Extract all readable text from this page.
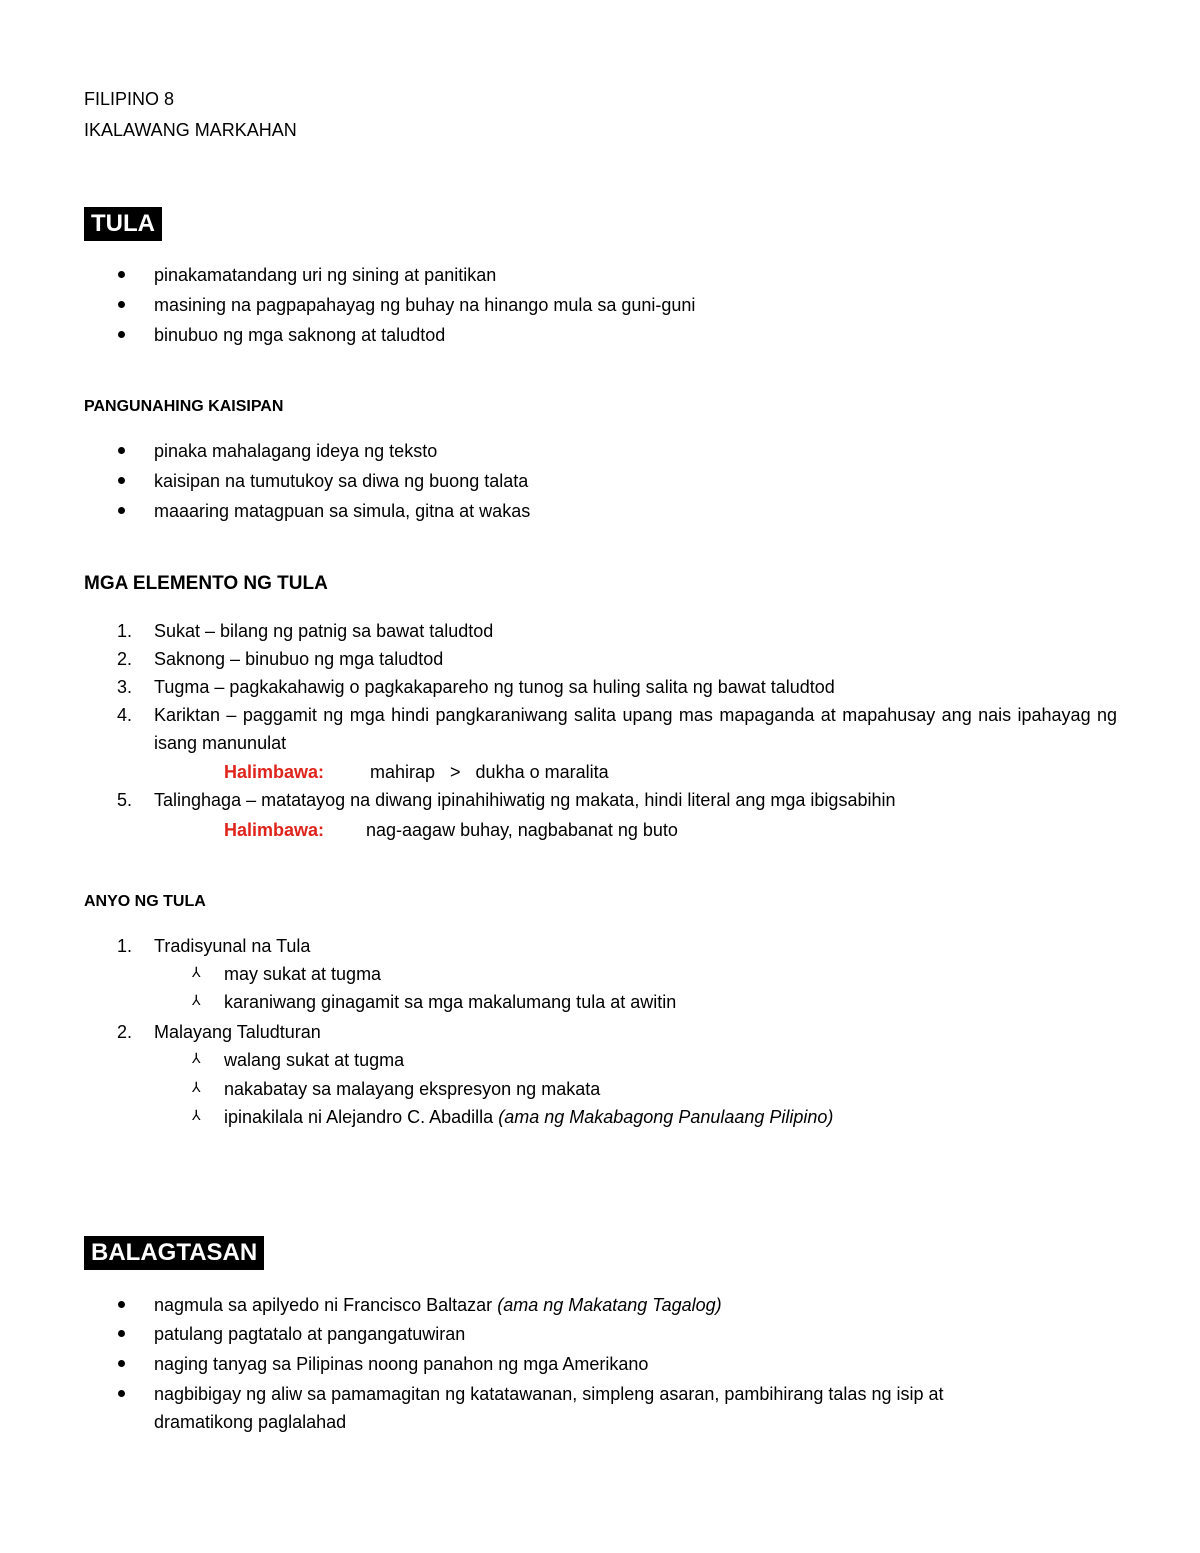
FILIPINO 8
IKALAWANG MARKAHAN
TULA
pinakamatandang uri ng sining at panitikan
masining na pagpapahayag ng buhay na hinango mula sa guni-guni
binubuo ng mga saknong at taludtod
PANGUNAHING KAISIPAN
pinaka mahalagang ideya ng teksto
kaisipan na tumutukoy sa diwa ng buong talata
maaaring matagpuan sa simula, gitna at wakas
MGA ELEMENTO NG TULA
1. Sukat – bilang ng patnig sa bawat taludtod
2. Saknong – binubuo ng mga taludtod
3. Tugma – pagkakahawig o pagkakapareho ng tunog sa huling salita ng bawat taludtod
4. Kariktan – paggamit ng mga hindi pangkaraniwang salita upang mas mapaganda at mapahusay ang nais ipahayag ng isang manunulat
Halimbawa:	mahirap   >   dukha o maralita
5. Talinghaga – matatayog na diwang ipinahihiwatig ng makata, hindi literal ang mga ibigsabihin
Halimbawa: nag-aagaw buhay, nagbabanat ng buto
ANYO NG TULA
1. Tradisyunal na Tula
⅄ may sukat at tugma
⅄ karaniwang ginagamit sa mga makalumang tula at awitin
2. Malayang Taludturan
⅄ walang sukat at tugma
⅄ nakabatay sa malayang ekspresyon ng makata
⅄ ipinakilala ni Alejandro C. Abadilla (ama ng Makabagong Panulaang Pilipino)
BALAGTASAN
nagmula sa apilyedo ni Francisco Baltazar (ama ng Makatang Tagalog)
patulang pagtatalo at pangangatuwiran
naging tanyag sa Pilipinas noong panahon ng mga Amerikano
nagbibigay ng aliw sa pamamagitan ng katatawanan, simpleng asaran, pambihirang talas ng isip at
dramatikong paglalahad
